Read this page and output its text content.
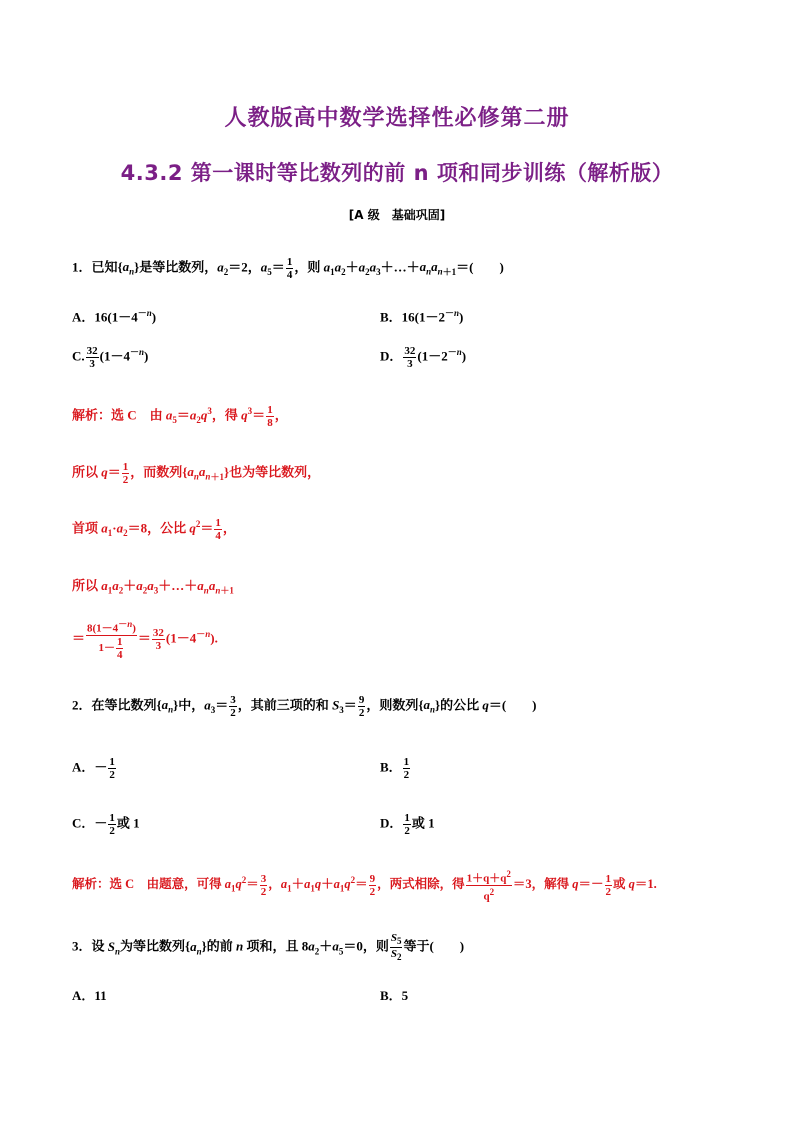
人教版高中数学选择性必修第二册
4.3.2 第一课时等比数列的前 n 项和同步训练（解析版）
[A 级　基础巩固]
1．已知$\{a_n\}$是等比数列，$a_2=2$，$a_5= \frac{1}{4}$ ，则 $a_1a_2+a_2a_3+\dots+a_na_{n+1}=$(　　)
A．$16(1-4^{-n})$	B．$16(1-2^{-n})$
C. $\frac{32}{3} (1-4^{-n})$	D． $\frac{32}{3} (1-2^{-n})$
解析：选 C　由 $a_5=a_2q^3$，得 $q^3= \frac{1}{8}$ ，
所以 $q= \frac{1}{2}$ ，而数列$\{a_na_{n+1}\}$也为等比数列，
首项 $a_1\cdot a_2=8$，公比 $q^2= \frac{1}{4}$ ，
所以 $a_1a_2+a_2a_3+\dots+a_na_{n+1}$
＝ $\frac{8(1-4^{-n})}{1- \frac{1}{4}} = \frac{32}{3} (1-4^{-n})$.
2．在等比数列$\{a_n\}$中，$a_3= \frac{3}{2}$ ，其前三项的和 $S_3= \frac{9}{2}$ ，则数列$\{a_n\}$的公比 q＝(　　)
A．－ $\frac{1}{2}$	B． $\frac{1}{2}$
C．－ $\frac{1}{2}$ 或 1	D． $\frac{1}{2}$ 或 1
解析：选 C　由题意，可得 $a_1q^2= \frac{3}{2}$ ，$a_1+a_1q+a_1q^2= \frac{9}{2}$ ，两式相除，得 $\frac{1+q+q^2}{q^2} =3$，解得 $q=- \frac{1}{2}$ 或 q＝1.
3．设 $S_n$为等比数列$\{a_n\}$的前 n 项和，且 $8a_2+a_5=0$，则 $\frac{S_5}{S_2}$ 等于(　　)
A．11	B．5
